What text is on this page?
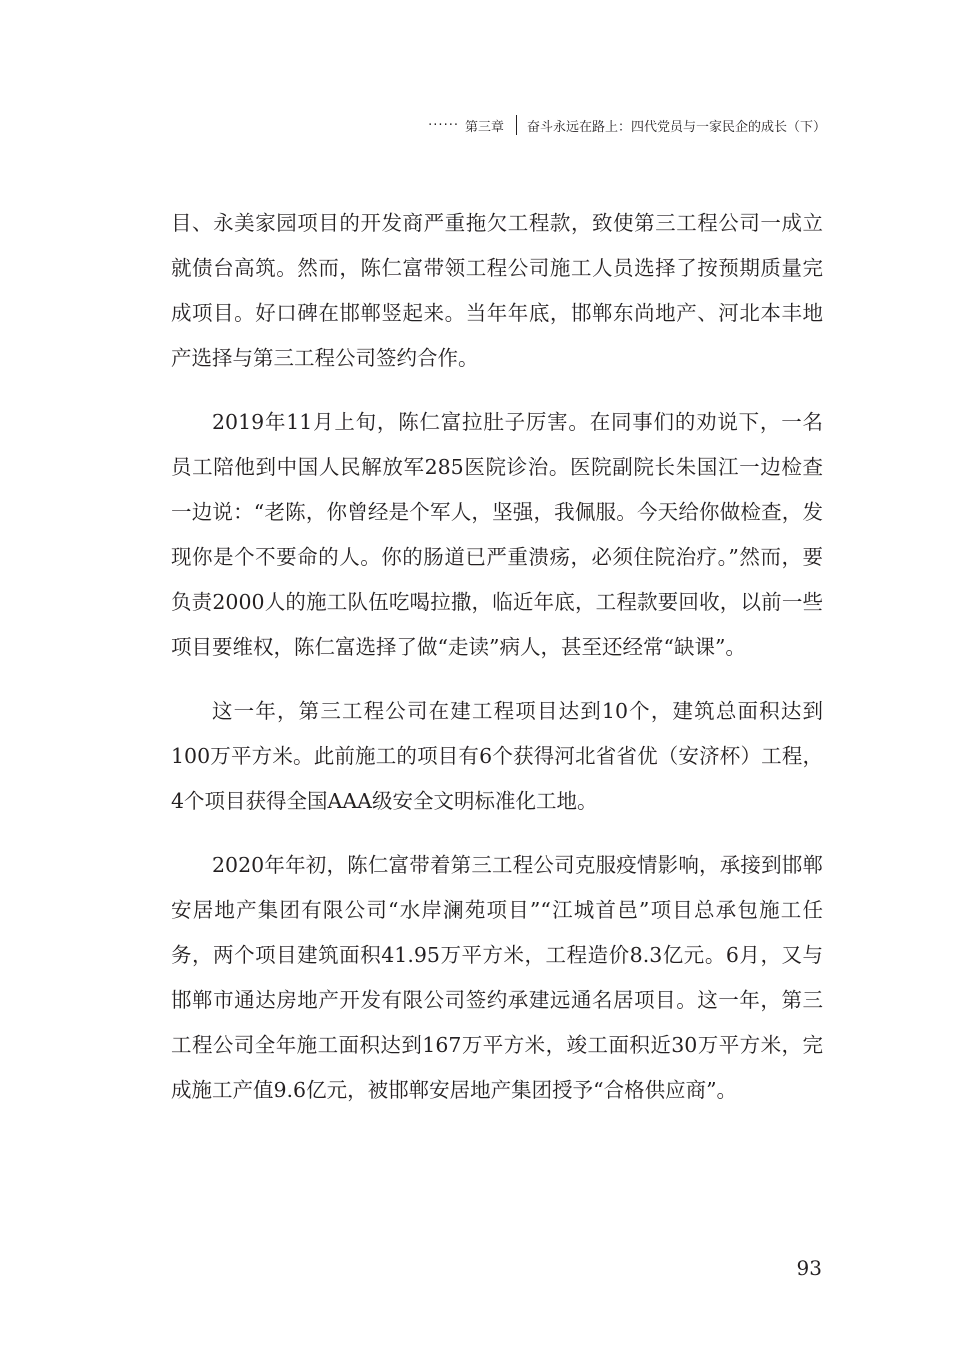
······ 第三章 奋斗永远在路上：四代党员与一家民企的成长（下）

目、永美家园项目的开发商严重拖欠工程款，致使第三工程公司一成立就债台高筑。然而，陈仁富带领工程公司施工人员选择了按预期质量完成项目。好口碑在邯郸竖起来。当年年底，邯郸东尚地产、河北本丰地产选择与第三工程公司签约合作。

2019年11月上旬，陈仁富拉肚子厉害。在同事们的劝说下，一名员工陪他到中国人民解放军285医院诊治。医院副院长朱国江一边检查一边说：“老陈，你曾经是个军人，坚强，我佩服。今天给你做检查，发现你是个不要命的人。你的肠道已严重溃疡，必须住院治疗。”然而，要负责2000人的施工队伍吃喝拉撒，临近年底，工程款要回收，以前一些项目要维权，陈仁富选择了做“走读”病人，甚至还经常“缺课”。

这一年，第三工程公司在建工程项目达到10个，建筑总面积达到100万平方米。此前施工的项目有6个获得河北省省优（安济杯）工程，4个项目获得全国AAA级安全文明标准化工地。

2020年年初，陈仁富带着第三工程公司克服疫情影响，承接到邯郸安居地产集团有限公司“水岸澜苑项目”“江城首邑”项目总承包施工任务，两个项目建筑面积41.95万平方米，工程造价8.3亿元。6月，又与邯郸市通达房地产开发有限公司签约承建远通名居项目。这一年，第三工程公司全年施工面积达到167万平方米，竣工面积近30万平方米，完成施工产值9.6亿元，被邯郸安居地产集团授予“合格供应商”。

93
